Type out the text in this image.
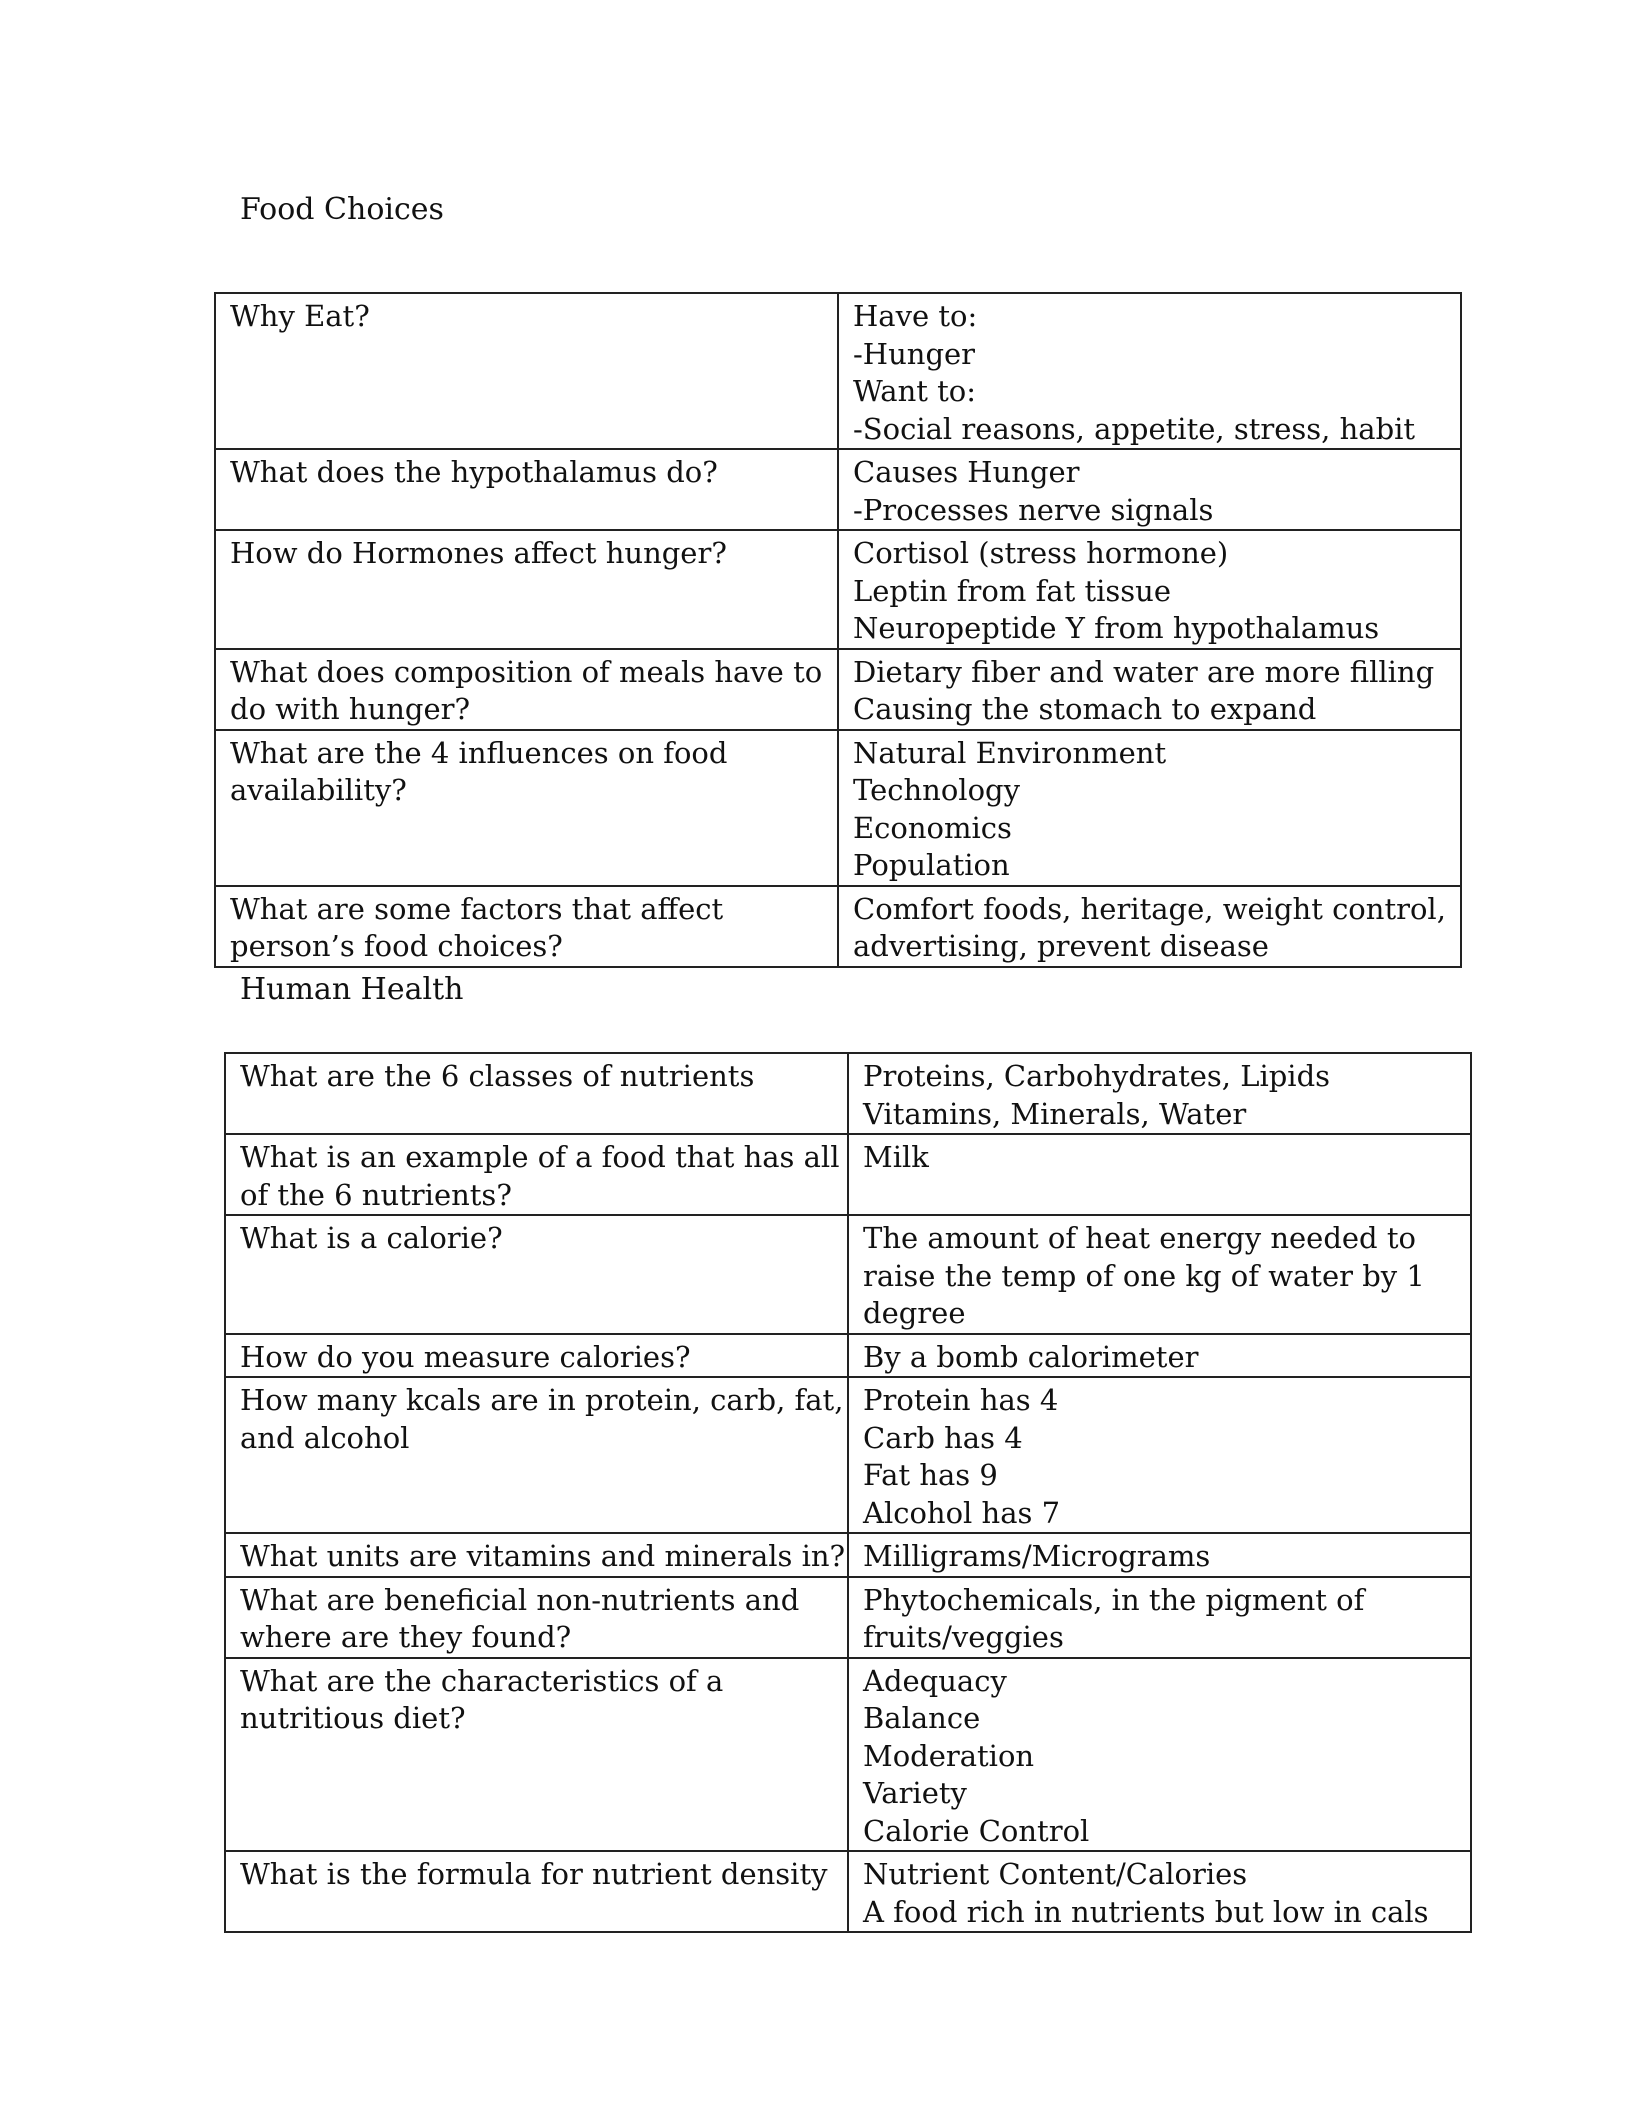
Food Choices
Why Eat?	Have to:
-Hunger
Want to:
-Social reasons, appetite, stress, habit

What does the hypothalamus do?	Causes Hunger
-Processes nerve signals

How do Hormones affect hunger?	Cortisol (stress hormone)
Leptin from fat tissue
Neuropeptide Y from hypothalamus

What does composition of meals have to
do with hunger?	Dietary fiber and water are more filling
Causing the stomach to expand

What are the 4 influences on food
availability?	Natural Environment
Technology
Economics
Population

What are some factors that affect
person’s food choices?	Comfort foods, heritage, weight control,
advertising, prevent disease
Human Health
What are the 6 classes of nutrients	Proteins, Carbohydrates, Lipids
Vitamins, Minerals, Water

What is an example of a food that has all
of the 6 nutrients?	Milk

What is a calorie?	The amount of heat energy needed to
raise the temp of one kg of water by 1
degree

How do you measure calories?	By a bomb calorimeter

How many kcals are in protein, carb, fat,
and alcohol	Protein has 4
Carb has 4
Fat has 9
Alcohol has 7

What units are vitamins and minerals in?	Milligrams/Micrograms

What are beneficial non-nutrients and
where are they found?	Phytochemicals, in the pigment of
fruits/veggies

What are the characteristics of a
nutritious diet?	Adequacy
Balance
Moderation
Variety
Calorie Control

What is the formula for nutrient density	Nutrient Content/Calories
A food rich in nutrients but low in cals
